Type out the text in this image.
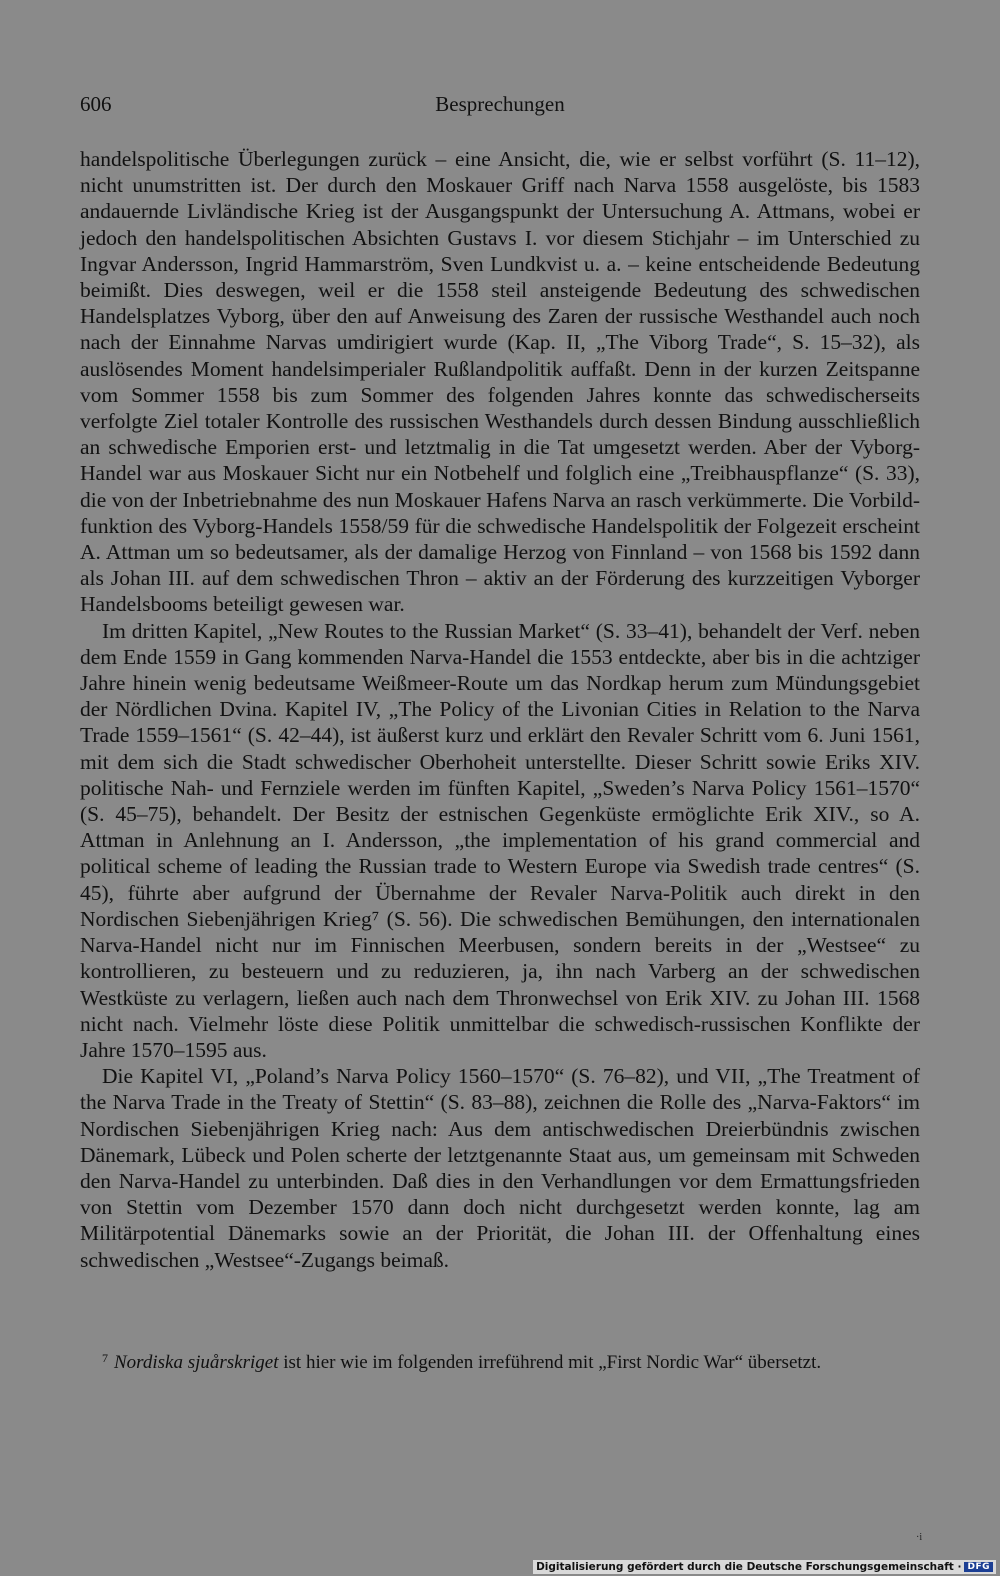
606	Besprechungen

handelspolitische Überlegungen zurück – eine Ansicht, die, wie er selbst vorführt (S. 11–12), nicht unumstritten ist. Der durch den Moskauer Griff nach Narva 1558 ausgelöste, bis 1583 andauernde Livländische Krieg ist der Ausgangspunkt der Untersuchung A. Attmans, wobei er jedoch den handelspolitischen Absichten Gustavs I. vor diesem Stichjahr – im Unterschied zu Ingvar Andersson, Ingrid Hammarström, Sven Lundkvist u. a. – keine entscheidende Bedeutung beimißt. Dies deswegen, weil er die 1558 steil ansteigende Bedeutung des schwedischen Handelsplatzes Vyborg, über den auf Anweisung des Zaren der russische Westhandel auch noch nach der Einnahme Narvas umdirigiert wurde (Kap. II, „The Viborg Trade“, S. 15–32), als auslösendes Moment handelsimperialer Rußlandpolitik auffaßt. Denn in der kurzen Zeitspanne vom Sommer 1558 bis zum Sommer des folgenden Jahres konnte das schwedischerseits verfolgte Ziel totaler Kontrolle des russischen Westhandels durch dessen Bindung ausschließlich an schwedische Emporien erst- und letztmalig in die Tat umgesetzt werden. Aber der Vyborg-Handel war aus Moskauer Sicht nur ein Notbehelf und folglich eine „Treibhauspflanze“ (S. 33), die von der Inbetriebnahme des nun Moskauer Hafens Narva an rasch verkümmerte. Die Vorbildfunktion des Vyborg-Handels 1558/59 für die schwedische Handelspolitik der Folgezeit erscheint A. Attman um so bedeutsamer, als der damalige Herzog von Finnland – von 1568 bis 1592 dann als Johan III. auf dem schwedischen Thron – aktiv an der Förderung des kurzzeitigen Vyborger Handelsbooms beteiligt gewesen war.

Im dritten Kapitel, „New Routes to the Russian Market“ (S. 33–41), behandelt der Verf. neben dem Ende 1559 in Gang kommenden Narva-Handel die 1553 entdeckte, aber bis in die achtziger Jahre hinein wenig bedeutsame Weißmeer-Route um das Nordkap herum zum Mündungsgebiet der Nördlichen Dvina. Kapitel IV, „The Policy of the Livonian Cities in Relation to the Narva Trade 1559–1561“ (S. 42–44), ist äußerst kurz und erklärt den Revaler Schritt vom 6. Juni 1561, mit dem sich die Stadt schwedischer Oberhoheit unterstellte. Dieser Schritt sowie Eriks XIV. politische Nah- und Fernziele werden im fünften Kapitel, „Sweden’s Narva Policy 1561–1570“ (S. 45–75), behandelt. Der Besitz der estnischen Gegenküste ermöglichte Erik XIV., so A. Attman in Anlehnung an I. Andersson, „the implementation of his grand commercial and political scheme of leading the Russian trade to Western Europe via Swedish trade centres“ (S. 45), führte aber aufgrund der Übernahme der Revaler Narva-Politik auch direkt in den Nordischen Siebenjährigen Krieg⁷ (S. 56). Die schwedischen Bemühungen, den internationalen Narva-Handel nicht nur im Finnischen Meerbusen, sondern bereits in der „Westsee“ zu kontrollieren, zu besteuern und zu reduzieren, ja, ihn nach Varberg an der schwedischen Westküste zu verlagern, ließen auch nach dem Thronwechsel von Erik XIV. zu Johan III. 1568 nicht nach. Vielmehr löste diese Politik unmittelbar die schwedisch-russischen Konflikte der Jahre 1570–1595 aus.

Die Kapitel VI, „Poland’s Narva Policy 1560–1570“ (S. 76–82), und VII, „The Treatment of the Narva Trade in the Treaty of Stettin“ (S. 83–88), zeichnen die Rolle des „Narva-Faktors“ im Nordischen Siebenjährigen Krieg nach: Aus dem antischwedischen Dreierbündnis zwischen Dänemark, Lübeck und Polen scherte der letztgenannte Staat aus, um gemeinsam mit Schweden den Narva-Handel zu unterbinden. Daß dies in den Verhandlungen vor dem Ermattungsfrieden von Stettin vom Dezember 1570 dann doch nicht durchgesetzt werden konnte, lag am Militärpotential Dänemarks sowie an der Priorität, die Johan III. der Offenhaltung eines schwedischen „Westsee“-Zugangs beimaß.

$^7$ Nordiska sjuårskriget ist hier wie im folgenden irreführend mit „First Nordic War“ übersetzt.
·i
Digitalisierung gefördert durch die Deutsche Forschungsgemeinschaft · DFG
